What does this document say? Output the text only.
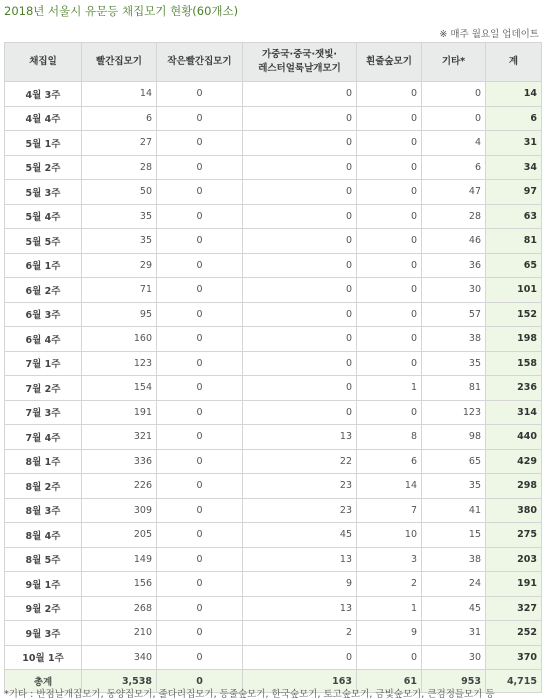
2018년 서울시 유문등 채집모기 현황(60개소)
※ 매주 월요일 업데이트
채집일	빨간집모기	작은빨간집모기	가중국·중국·잿빛·
레스터얼룩날개모기	흰줄숲모기	기타*	계
4월 3주	14	0	0	0	0	14
4월 4주	6	0	0	0	0	6
5월 1주	27	0	0	0	4	31
5월 2주	28	0	0	0	6	34
5월 3주	50	0	0	0	47	97
5월 4주	35	0	0	0	28	63
5월 5주	35	0	0	0	46	81
6월 1주	29	0	0	0	36	65
6월 2주	71	0	0	0	30	101
6월 3주	95	0	0	0	57	152
6월 4주	160	0	0	0	38	198
7월 1주	123	0	0	0	35	158
7월 2주	154	0	0	1	81	236
7월 3주	191	0	0	0	123	314
7월 4주	321	0	13	8	98	440
8월 1주	336	0	22	6	65	429
8월 2주	226	0	23	14	35	298
8월 3주	309	0	23	7	41	380
8월 4주	205	0	45	10	15	275
8월 5주	149	0	13	3	38	203
9월 1주	156	0	9	2	24	191
9월 2주	268	0	13	1	45	327
9월 3주	210	0	2	9	31	252
10월 1주	340	0	0	0	30	370
총계	3,538	0	163	61	953	4,715
*기타 : 반점날개집모기, 동양집모기, 줄다리집모기, 등줄숲모기, 한국숲모기, 토고숲모기, 금빛숲모기, 큰검정들모기 등
